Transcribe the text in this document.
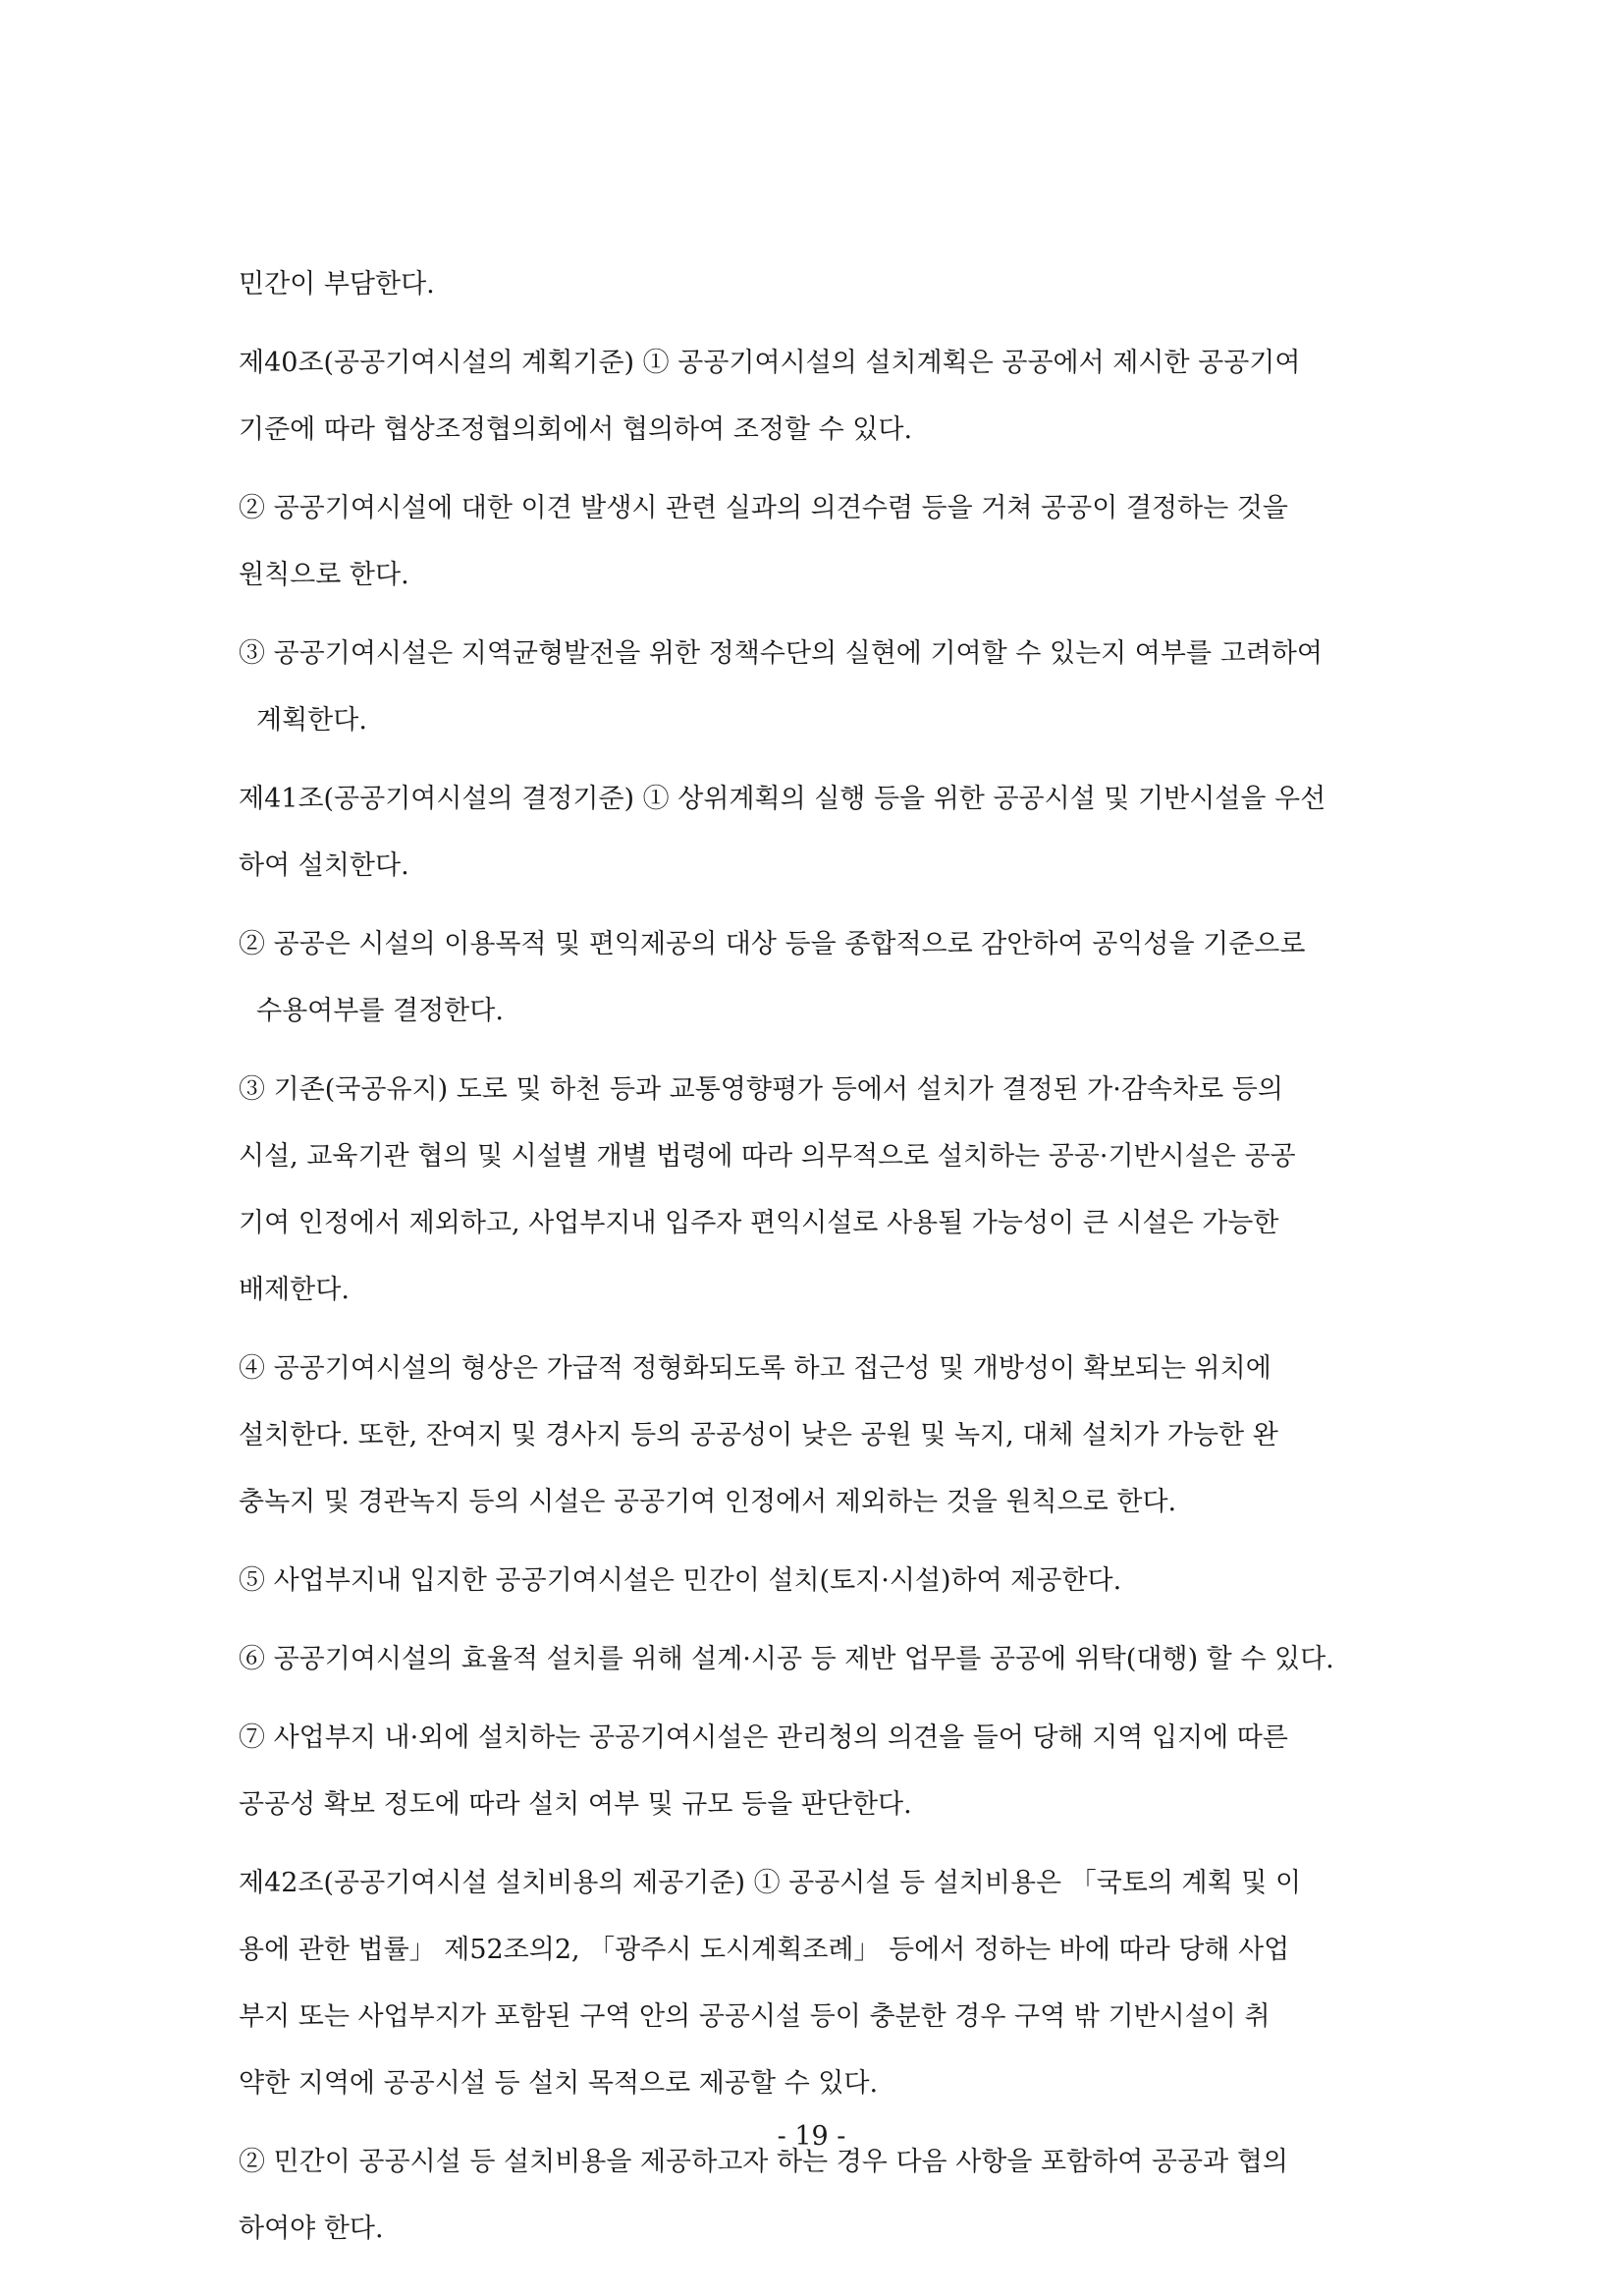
민간이 부담한다.

제40조(공공기여시설의 계획기준) ① 공공기여시설의 설치계획은 공공에서 제시한 공공기여
기준에 따라 협상조정협의회에서 협의하여 조정할 수 있다.

② 공공기여시설에 대한 이견 발생시 관련 실과의 의견수렴 등을 거쳐 공공이 결정하는 것을
원칙으로 한다.

③ 공공기여시설은 지역균형발전을 위한 정책수단의 실현에 기여할 수 있는지 여부를 고려하여
계획한다.

제41조(공공기여시설의 결정기준) ① 상위계획의 실행 등을 위한 공공시설 및 기반시설을 우선
하여 설치한다.

② 공공은 시설의 이용목적 및 편익제공의 대상 등을 종합적으로 감안하여 공익성을 기준으로
수용여부를 결정한다.

③ 기존(국공유지) 도로 및 하천 등과 교통영향평가 등에서 설치가 결정된 가·감속차로 등의
시설, 교육기관 협의 및 시설별 개별 법령에 따라 의무적으로 설치하는 공공·기반시설은 공공
기여 인정에서 제외하고, 사업부지내 입주자 편익시설로 사용될 가능성이 큰 시설은 가능한
배제한다.

④ 공공기여시설의 형상은 가급적 정형화되도록 하고 접근성 및 개방성이 확보되는 위치에
설치한다. 또한, 잔여지 및 경사지 등의 공공성이 낮은 공원 및 녹지, 대체 설치가 가능한 완
충녹지 및 경관녹지 등의 시설은 공공기여 인정에서 제외하는 것을 원칙으로 한다.

⑤ 사업부지내 입지한 공공기여시설은 민간이 설치(토지·시설)하여 제공한다.

⑥ 공공기여시설의 효율적 설치를 위해 설계·시공 등 제반 업무를 공공에 위탁(대행) 할 수 있다.

⑦ 사업부지 내·외에 설치하는 공공기여시설은 관리청의 의견을 들어 당해 지역 입지에 따른
공공성 확보 정도에 따라 설치 여부 및 규모 등을 판단한다.

제42조(공공기여시설 설치비용의 제공기준) ① 공공시설 등 설치비용은 「국토의 계획 및 이
용에 관한 법률」 제52조의2, 「광주시 도시계획조례」 등에서 정하는 바에 따라 당해 사업
부지 또는 사업부지가 포함된 구역 안의 공공시설 등이 충분한 경우 구역 밖 기반시설이 취
약한 지역에 공공시설 등 설치 목적으로 제공할 수 있다.

② 민간이 공공시설 등 설치비용을 제공하고자 하는 경우 다음 사항을 포함하여 공공과 협의
하여야 한다.

- 19 -
